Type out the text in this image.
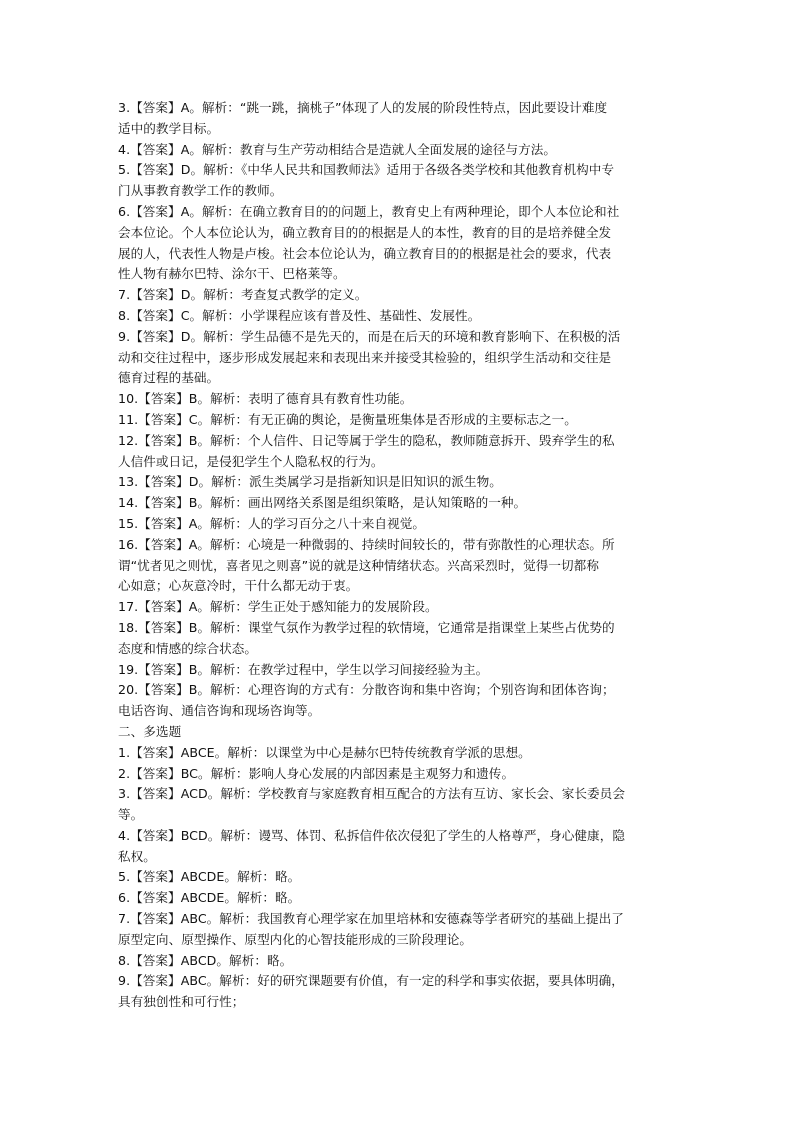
3.【答案】A。解析：“跳一跳，摘桃子”体现了人的发展的阶段性特点，因此要设计难度
适中的教学目标。
4.【答案】A。解析：教育与生产劳动相结合是造就人全面发展的途径与方法。
5.【答案】D。解析：《中华人民共和国教师法》适用于各级各类学校和其他教育机构中专
门从事教育教学工作的教师。
6.【答案】A。解析：在确立教育目的的问题上，教育史上有两种理论，即个人本位论和社
会本位论。个人本位论认为，确立教育目的的根据是人的本性，教育的目的是培养健全发
展的人，代表性人物是卢梭。社会本位论认为，确立教育目的的根据是社会的要求，代表
性人物有赫尔巴特、涂尔干、巴格莱等。
7.【答案】D。解析：考查复式教学的定义。
8.【答案】C。解析：小学课程应该有普及性、基础性、发展性。
9.【答案】D。解析：学生品德不是先天的，而是在后天的环境和教育影响下、在积极的活
动和交往过程中，逐步形成发展起来和表现出来并接受其检验的，组织学生活动和交往是
德育过程的基础。
10.【答案】B。解析：表明了德育具有教育性功能。
11.【答案】C。解析：有无正确的舆论，是衡量班集体是否形成的主要标志之一。
12.【答案】B。解析：个人信件、日记等属于学生的隐私，教师随意拆开、毁弃学生的私
人信件或日记，是侵犯学生个人隐私权的行为。
13.【答案】D。解析：派生类属学习是指新知识是旧知识的派生物。
14.【答案】B。解析：画出网络关系图是组织策略，是认知策略的一种。
15.【答案】A。解析：人的学习百分之八十来自视觉。
16.【答案】A。解析：心境是一种微弱的、持续时间较长的，带有弥散性的心理状态。所
谓“忧者见之则忧，喜者见之则喜”说的就是这种情绪状态。兴高采烈时，觉得一切都称
心如意；心灰意冷时，干什么都无动于衷。
17.【答案】A。解析：学生正处于感知能力的发展阶段。
18.【答案】B。解析：课堂气氛作为教学过程的软情境，它通常是指课堂上某些占优势的
态度和情感的综合状态。
19.【答案】B。解析：在教学过程中，学生以学习间接经验为主。
20.【答案】B。解析：心理咨询的方式有：分散咨询和集中咨询；个别咨询和团体咨询；
电话咨询、通信咨询和现场咨询等。
二、多选题
1.【答案】ABCE。解析：以课堂为中心是赫尔巴特传统教育学派的思想。
2.【答案】BC。解析：影响人身心发展的内部因素是主观努力和遗传。
3.【答案】ACD。解析：学校教育与家庭教育相互配合的方法有互访、家长会、家长委员会
等。
4.【答案】BCD。解析：谩骂、体罚、私拆信件依次侵犯了学生的人格尊严，身心健康，隐
私权。
5.【答案】ABCDE。解析：略。
6.【答案】ABCDE。解析：略。
7.【答案】ABC。解析：我国教育心理学家在加里培林和安德森等学者研究的基础上提出了
原型定向、原型操作、原型内化的心智技能形成的三阶段理论。
8.【答案】ABCD。解析：略。
9.【答案】ABC。解析：好的研究课题要有价值，有一定的科学和事实依据，要具体明确，
具有独创性和可行性；
